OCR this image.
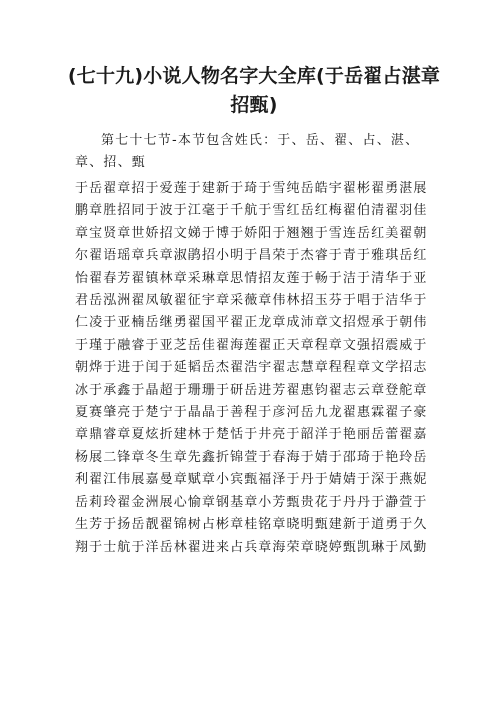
(七十九)小说人物名字大全库(于岳翟占湛章招甄)
第七十七节-本节包含姓氏：于、岳、翟、占、湛、章、招、甄
于岳翟章招于爱莲于建新于琦于雪纯岳皓宇翟彬翟勇湛展
鹏章胜招同于波于江毫于千航于雪红岳红梅翟伯清翟羽佳
章宝贤章世娇招文娣于博于娇阳于翘翘于雪连岳红美翟朝
尔翟语瑶章兵章淑鹃招小明于昌荣于杰睿于青于雅琪岳红
怡翟春芳翟镇林章采琳章思情招友莲于畅于洁于清华于亚
君岳泓洲翟凤敏翟征宇章采薇章伟林招玉芬于唱于洁华于
仁凌于亚楠岳继勇翟国平翟正龙章成沛章文招煜承于朝伟
于瑾于融睿于亚芝岳佳翟海莲翟正天章程章文强招震威于
朝烨于进于闰于延韬岳杰翟浩宇翟志慧章程程章文学招志
冰于承鑫于晶超于珊珊于研岳进芳翟惠钧翟志云章登舵章
夏赛肇亮于楚宁于晶晶于善程于彦河岳九龙翟惠霖翟子豪
章鼎睿章夏炫折建林于楚恬于井亮于韶洋于艳丽岳蕾翟嘉
杨展二锋章冬生章先鑫折锦萱于春海于婧于邵琦于艳玲岳
利翟江伟展嘉曼章赋章小宾甄福泽于丹于婧婧于深于燕妮
岳莉玲翟金洲展心愉章钢基章小芳甄贵花于丹丹于瀞萱于
生芳于扬岳靓翟锦树占彬章桂铭章晓明甄建新于道勇于久
翔于士航于洋岳林翟进来占兵章海荣章晓婷甄凯琳于凤勤
